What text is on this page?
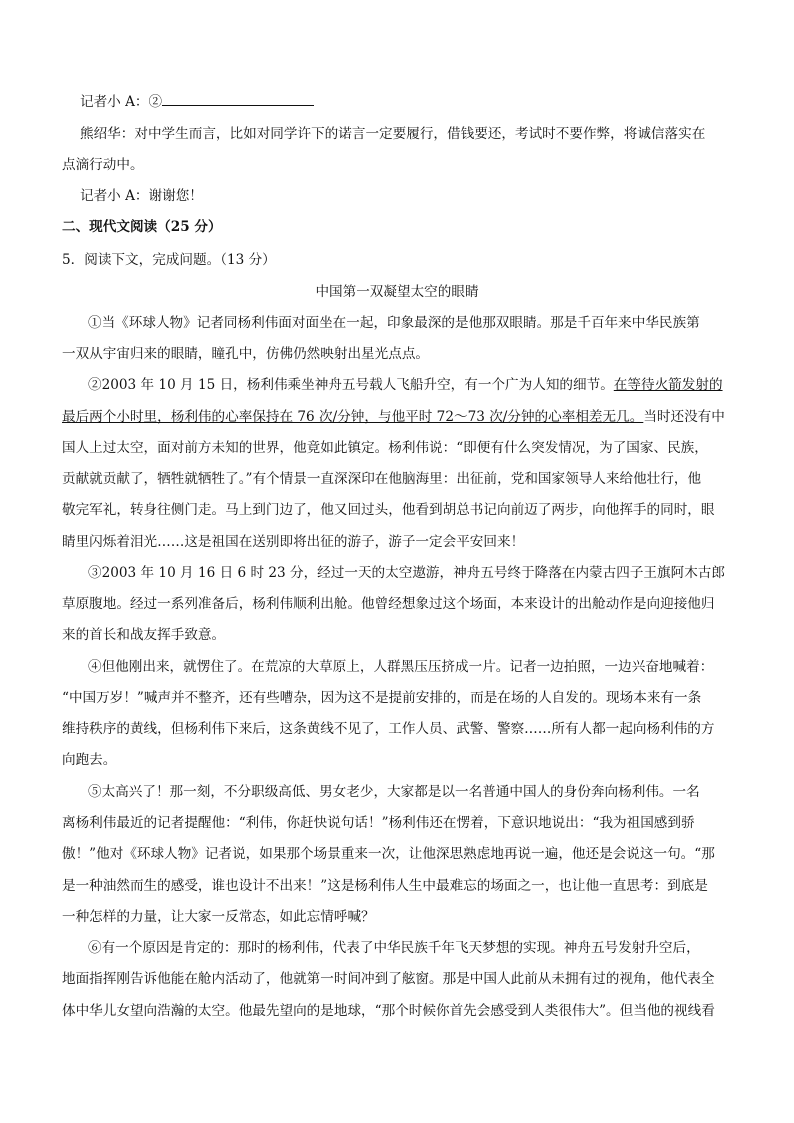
记者小 A：②
熊绍华：对中学生而言，比如对同学许下的诺言一定要履行，借钱要还，考试时不要作弊，将诚信落实在
点滴行动中。
记者小 A：谢谢您！
二、现代文阅读（25 分）
5．阅读下文，完成问题。（13 分）
中国第一双凝望太空的眼睛
①当《环球人物》记者同杨利伟面对面坐在一起，印象最深的是他那双眼睛。那是千百年来中华民族第
一双从宇宙归来的眼睛，瞳孔中，仿佛仍然映射出星光点点。
②2003 年 10 月 15 日，杨利伟乘坐神舟五号载人飞船升空，有一个广为人知的细节。在等待火箭发射的
最后两个小时里，杨利伟的心率保持在 76 次/分钟，与他平时 72～73 次/分钟的心率相差无几。当时还没有中
国人上过太空，面对前方未知的世界，他竟如此镇定。杨利伟说：“即便有什么突发情况，为了国家、民族，
贡献就贡献了，牺牲就牺牲了。”有个情景一直深深印在他脑海里：出征前，党和国家领导人来给他壮行，他
敬完军礼，转身往侧门走。马上到门边了，他又回过头，他看到胡总书记向前迈了两步，向他挥手的同时，眼
睛里闪烁着泪光……这是祖国在送别即将出征的游子，游子一定会平安回来！
③2003 年 10 月 16 日 6 时 23 分，经过一天的太空遨游，神舟五号终于降落在内蒙古四子王旗阿木古郎
草原腹地。经过一系列准备后，杨利伟顺利出舱。他曾经想象过这个场面，本来设计的出舱动作是向迎接他归
来的首长和战友挥手致意。
④但他刚出来，就愣住了。在荒凉的大草原上，人群黑压压挤成一片。记者一边拍照，一边兴奋地喊着：
“中国万岁！”喊声并不整齐，还有些嘈杂，因为这不是提前安排的，而是在场的人自发的。现场本来有一条
维持秩序的黄线，但杨利伟下来后，这条黄线不见了，工作人员、武警、警察……所有人都一起向杨利伟的方
向跑去。
⑤太高兴了！那一刻，不分职级高低、男女老少，大家都是以一名普通中国人的身份奔向杨利伟。一名
离杨利伟最近的记者提醒他：“利伟，你赶快说句话！”杨利伟还在愣着，下意识地说出：“我为祖国感到骄
傲！”他对《环球人物》记者说，如果那个场景重来一次，让他深思熟虑地再说一遍，他还是会说这一句。“那
是一种油然而生的感受，谁也设计不出来！”这是杨利伟人生中最难忘的场面之一，也让他一直思考：到底是
一种怎样的力量，让大家一反常态，如此忘情呼喊？
⑥有一个原因是肯定的：那时的杨利伟，代表了中华民族千年飞天梦想的实现。神舟五号发射升空后，
地面指挥刚告诉他能在舱内活动了，他就第一时间冲到了舷窗。那是中国人此前从未拥有过的视角，他代表全
体中华儿女望向浩瀚的太空。他最先望向的是地球，“那个时候你首先会感受到人类很伟大”。但当他的视线看
